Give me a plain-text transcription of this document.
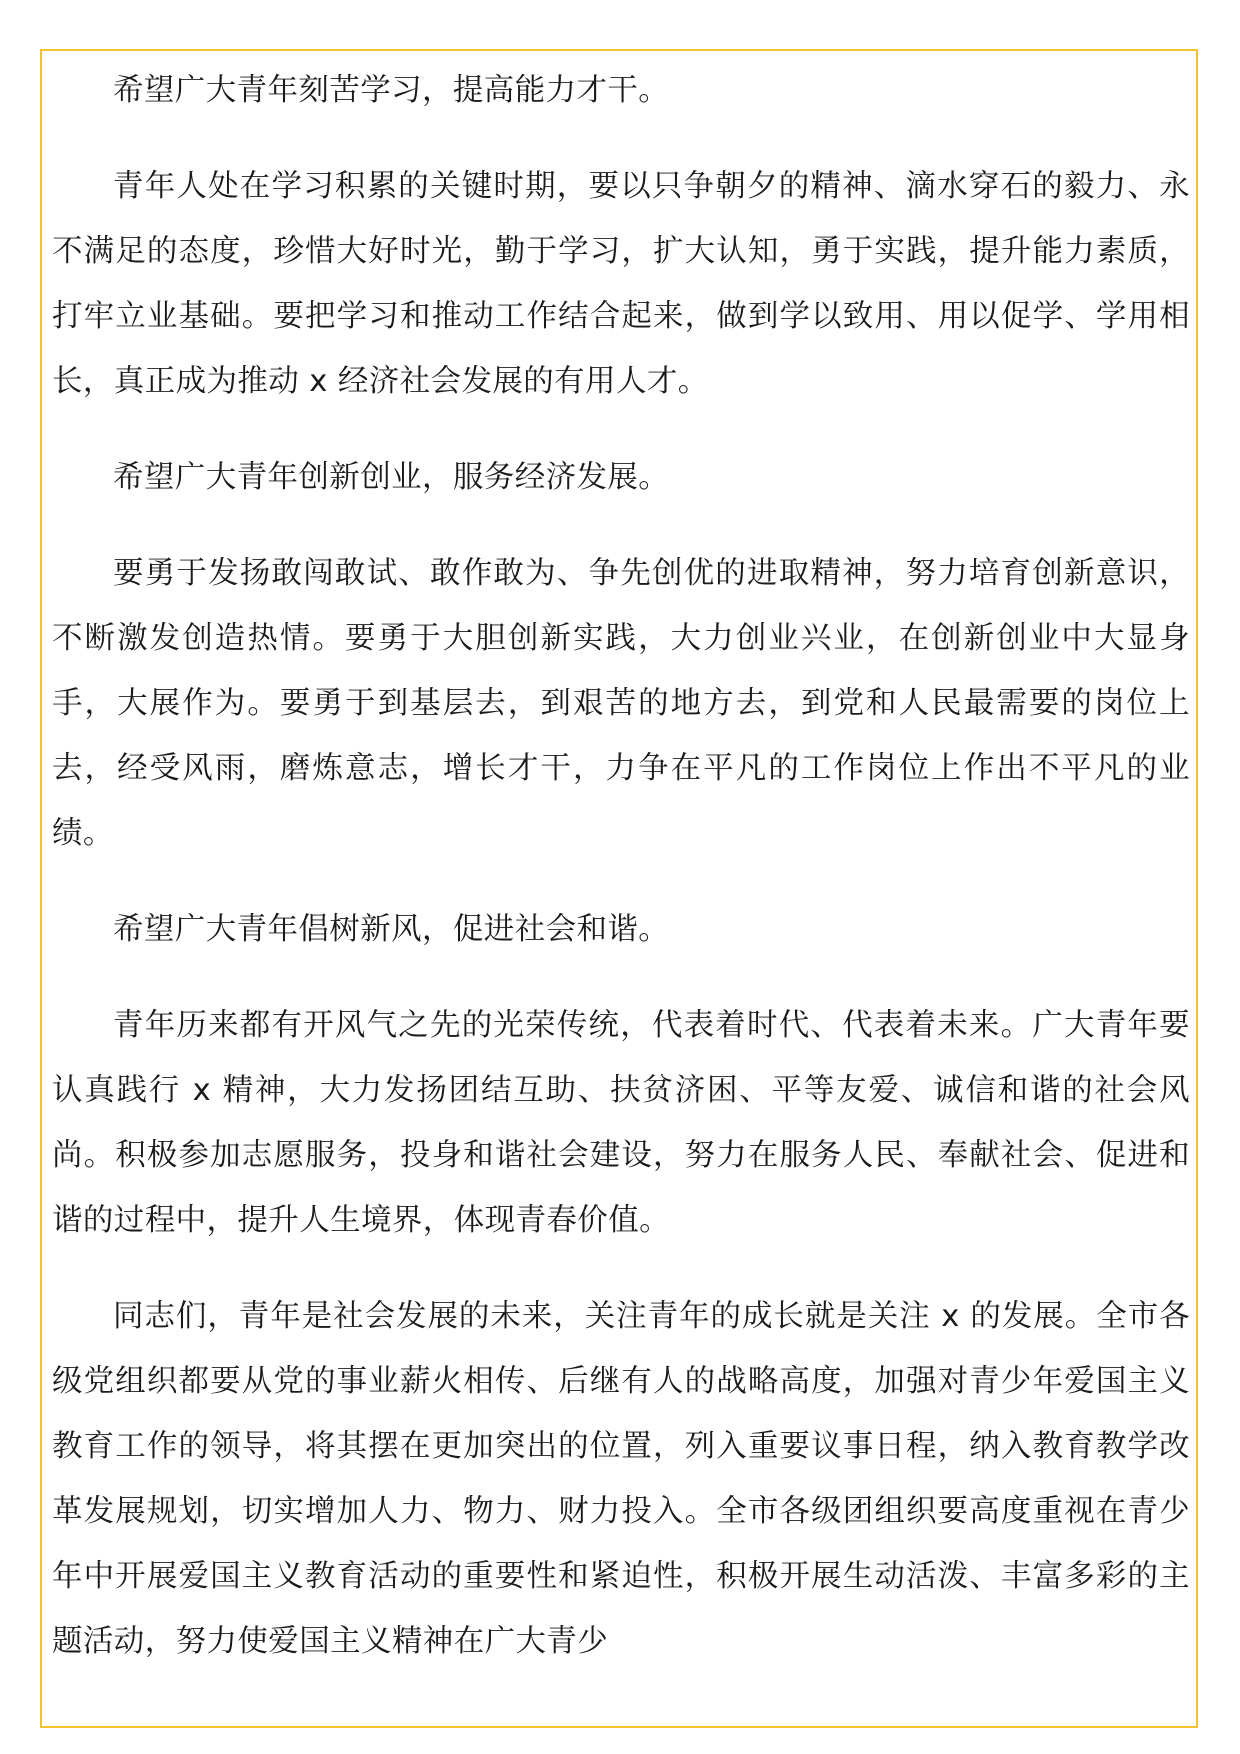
希望广大青年刻苦学习，提高能力才干。

青年人处在学习积累的关键时期，要以只争朝夕的精神、滴水穿石的毅力、永不满足的态度，珍惜大好时光，勤于学习，扩大认知，勇于实践，提升能力素质，打牢立业基础。要把学习和推动工作结合起来，做到学以致用、用以促学、学用相长，真正成为推动 x 经济社会发展的有用人才。

希望广大青年创新创业，服务经济发展。

要勇于发扬敢闯敢试、敢作敢为、争先创优的进取精神，努力培育创新意识，不断激发创造热情。要勇于大胆创新实践，大力创业兴业，在创新创业中大显身手，大展作为。要勇于到基层去，到艰苦的地方去，到党和人民最需要的岗位上去，经受风雨，磨炼意志，增长才干，力争在平凡的工作岗位上作出不平凡的业绩。

希望广大青年倡树新风，促进社会和谐。

青年历来都有开风气之先的光荣传统，代表着时代、代表着未来。广大青年要认真践行 x 精神，大力发扬团结互助、扶贫济困、平等友爱、诚信和谐的社会风尚。积极参加志愿服务，投身和谐社会建设，努力在服务人民、奉献社会、促进和谐的过程中，提升人生境界，体现青春价值。

同志们，青年是社会发展的未来，关注青年的成长就是关注 x 的发展。全市各级党组织都要从党的事业薪火相传、后继有人的战略高度，加强对青少年爱国主义教育工作的领导，将其摆在更加突出的位置，列入重要议事日程，纳入教育教学改革发展规划，切实增加人力、物力、财力投入。全市各级团组织要高度重视在青少年中开展爱国主义教育活动的重要性和紧迫性，积极开展生动活泼、丰富多彩的主题活动，努力使爱国主义精神在广大青少
